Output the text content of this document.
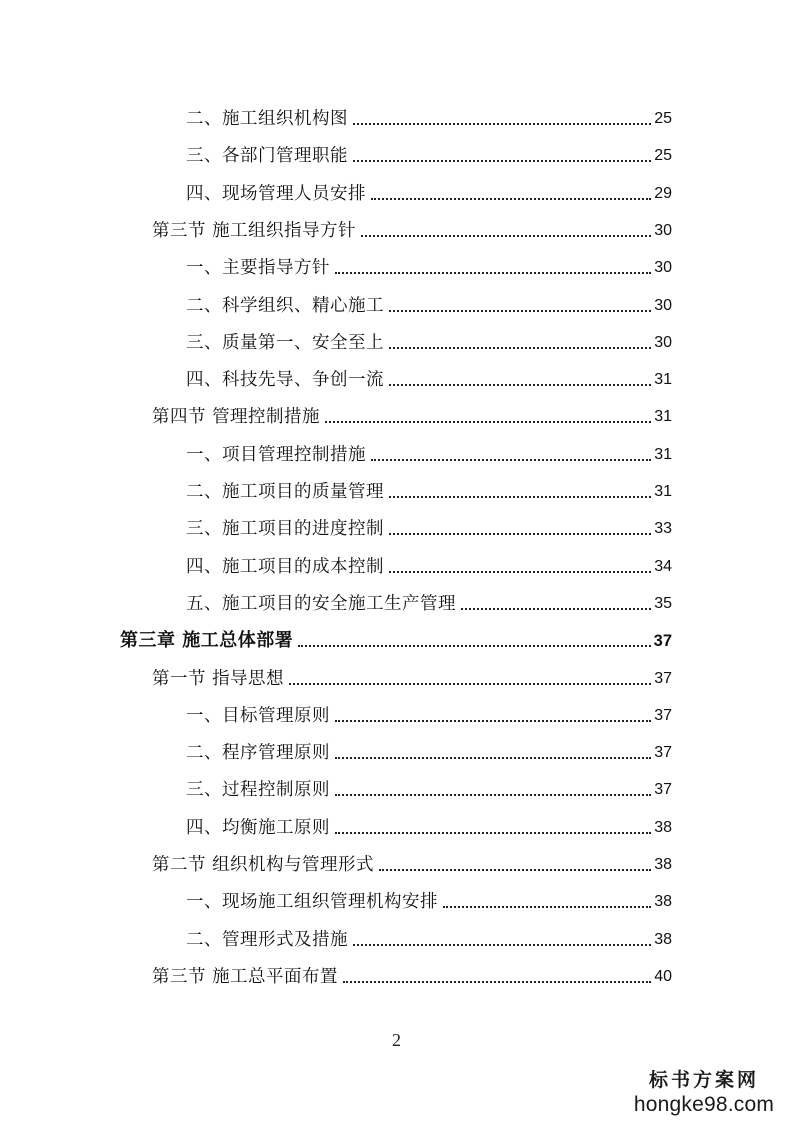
二、施工组织机构图	25
三、各部门管理职能	25
四、现场管理人员安排	29
第三节 施工组织指导方针	30
一、主要指导方针	30
二、科学组织、精心施工	30
三、质量第一、安全至上	30
四、科技先导、争创一流	31
第四节 管理控制措施	31
一、项目管理控制措施	31
二、施工项目的质量管理	31
三、施工项目的进度控制	33
四、施工项目的成本控制	34
五、施工项目的安全施工生产管理	35
第三章 施工总体部署	37
第一节 指导思想	37
一、目标管理原则	37
二、程序管理原则	37
三、过程控制原则	37
四、均衡施工原则	38
第二节 组织机构与管理形式	38
一、现场施工组织管理机构安排	38
二、管理形式及措施	38
第三节 施工总平面布置	40
2
标书方案网
hongke98.com
